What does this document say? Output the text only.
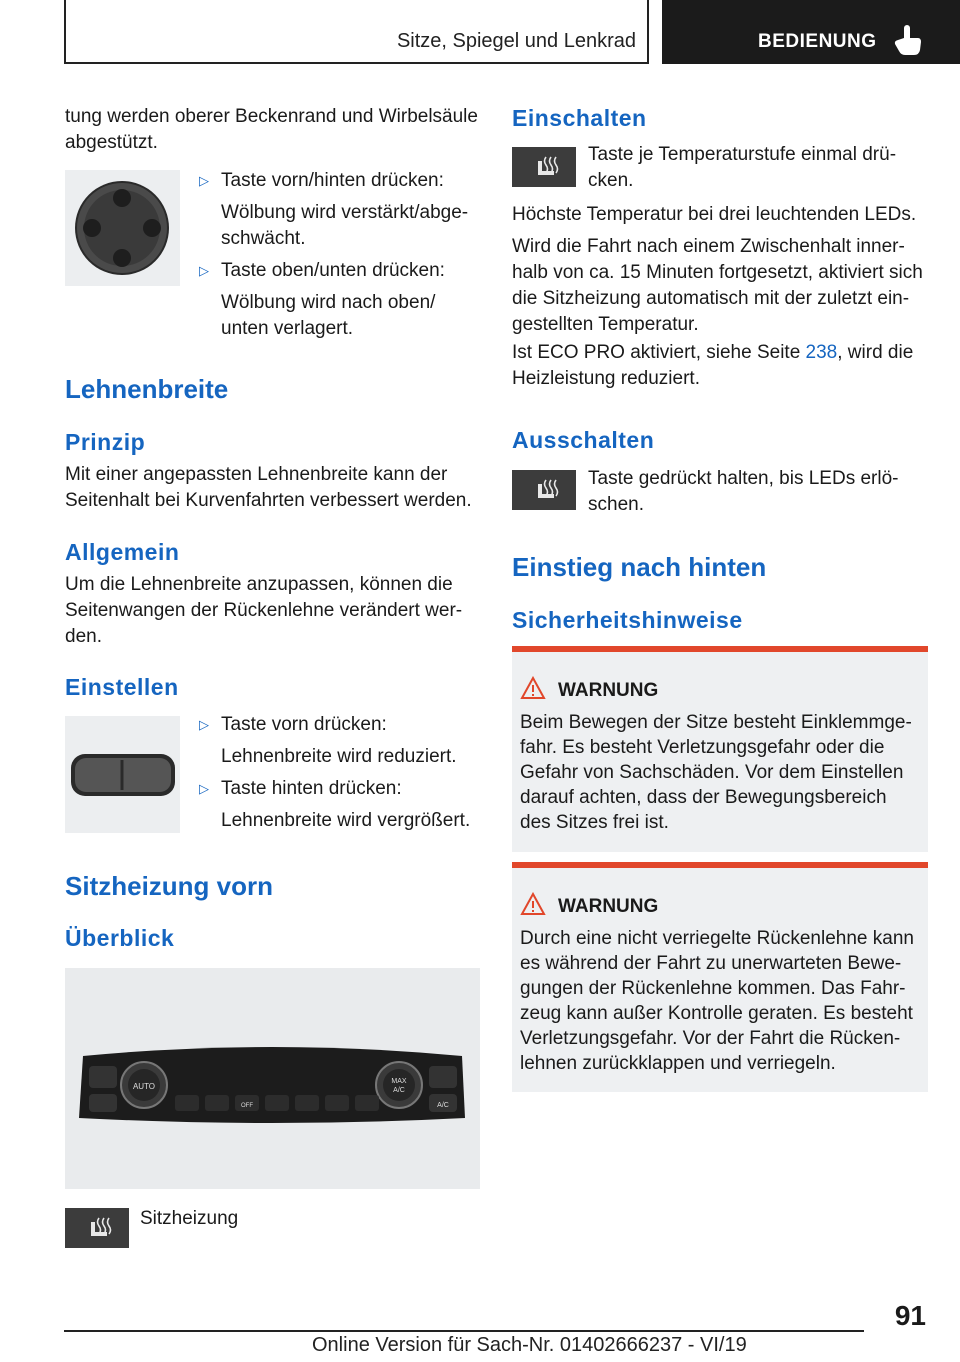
Sitze, Spiegel und Lenkrad	BEDIENUNG

tung werden oberer Beckenrand und Wirbelsäule abgestützt.

▷ Taste vorn/hinten drücken:

Wölbung wird verstärkt/abge‐ schwächt.

▷ Taste oben/unten drücken:

Wölbung wird nach oben/ unten verlagert.

Lehnenbreite
Prinzip

Mit einer angepassten Lehnenbreite kann der Seitenhalt bei Kurvenfahrten verbessert werden.

Allgemein

Um die Lehnenbreite anzupassen, können die Seitenwangen der Rückenlehne verändert wer‐ den.

Einstellen
▷ Taste vorn drücken:

Lehnenbreite wird reduziert.

▷ Taste hinten drücken:

Lehnenbreite wird vergrößert.

Sitzheizung vorn
Überblick
AUTO
MAX
A/C
A/C
OFF
Sitzheizung
Einschalten

Taste je Temperaturstufe einmal drü‐ cken.

Höchste Temperatur bei drei leuchtenden LEDs.

Wird die Fahrt nach einem Zwischenhalt inner‐ halb von ca. 15 Minuten fortgesetzt, aktiviert sich die Sitzheizung automatisch mit der zuletzt ein‐ gestellten Temperatur.

Ist ECO PRO aktiviert, siehe Seite 238, wird die Heizleistung reduziert.

Ausschalten

Taste gedrückt halten, bis LEDs erlö‐ schen.

Einstieg nach hinten
Sicherheitshinweise
WARNUNG
Beim Bewegen der Sitze besteht Einklemmge‐ fahr. Es besteht Verletzungsgefahr oder die Gefahr von Sachschäden. Vor dem Einstellen darauf achten, dass der Bewegungsbereich des Sitzes frei ist.
WARNUNG
Durch eine nicht verriegelte Rückenlehne kann es während der Fahrt zu unerwarteten Bewe‐ gungen der Rückenlehne kommen. Das Fahr‐ zeug kann außer Kontrolle geraten. Es besteht Verletzungsgefahr. Vor der Fahrt die Rücken‐ lehnen zurückklappen und verriegeln.
91
Online Version für Sach-Nr. 01402666237 - VI/19
